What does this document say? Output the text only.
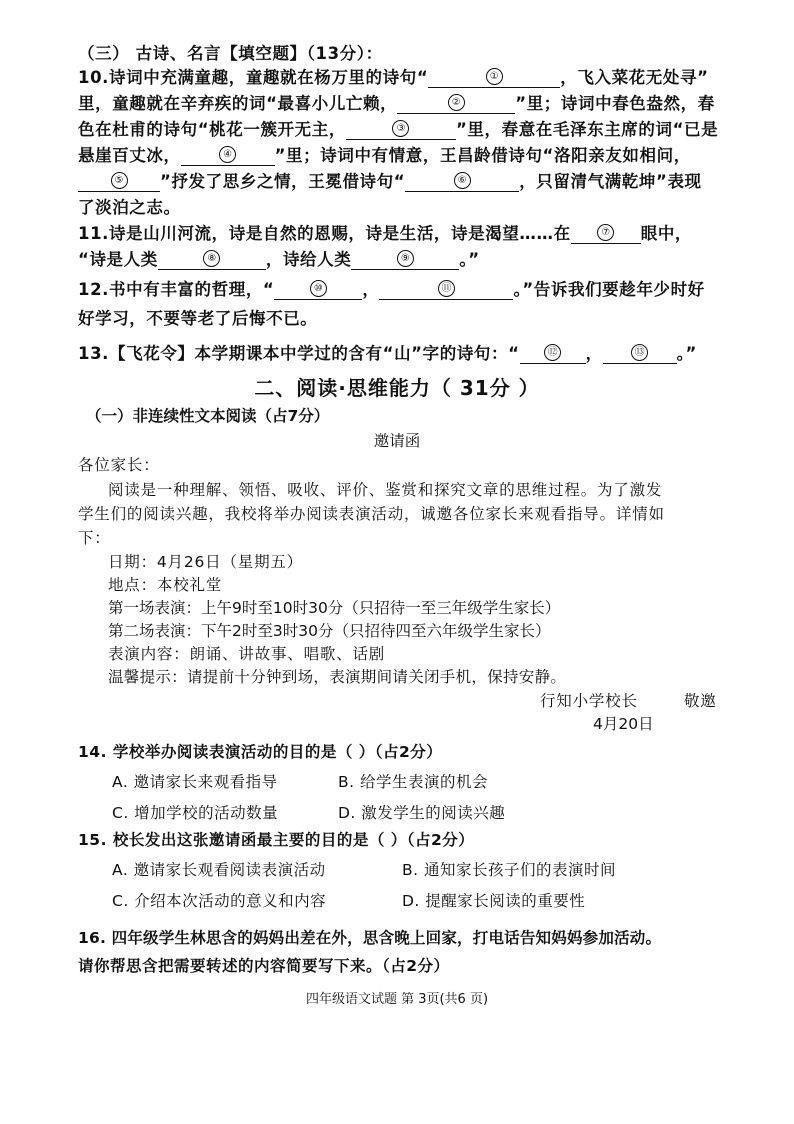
（三） 古诗、名言【填空题】（13分）：
10.诗词中充满童趣，童趣就在杨万里的诗句“	①	，飞入菜花无处寻”
里，童趣就在辛弃疾的词“最喜小儿亡赖，	②	”里；诗词中春色盎然，春
色在杜甫的诗句“桃花一簇开无主，	③	”里，春意在毛泽东主席的词“已是
悬崖百丈冰，	④	”里；诗词中有情意，王昌龄借诗句“洛阳亲友如相问，
⑤ ”抒发了思乡之情，王冕借诗句“	⑥	，只留清气满乾坤”表现
了淡泊之志。
11.诗是山川河流，诗是自然的恩赐，诗是生活，诗是渴望……在	⑦ 眼中，
“诗是人类	⑧	，诗给人类	⑨	。”
12.书中有丰富的哲理，“	⑩ ，	⑪	。”告诉我们要趁年少时好
好学习，不要等老了后悔不已。
13.【飞花令】本学期课本中学过的含有“山”字的诗句：“	⑫ ，	⑬ 。”
二、阅读·思维能力（ 31分 ）
（一）非连续性文本阅读（占7分）
邀请函
各位家长：
阅读是一种理解、领悟、吸收、评价、鉴赏和探究文章的思维过程。为了激发
学生们的阅读兴趣，我校将举办阅读表演活动，诚邀各位家长来观看指导。详情如
下：
日期：4月26日（星期五）
地点：本校礼堂
第一场表演：上午9时至10时30分（只招待一至三年级学生家长）
第二场表演：下午2时至3时30分（只招待四至六年级学生家长）
表演内容：朗诵、讲故事、唱歌、话剧
温馨提示：请提前十分钟到场，表演期间请关闭手机，保持安静。
行知小学校长	敬邀
4月20日
14. 学校举办阅读表演活动的目的是（ ）（占2分）
A. 邀请家长来观看指导	B. 给学生表演的机会
C. 增加学校的活动数量	D. 激发学生的阅读兴趣
15. 校长发出这张邀请函最主要的目的是（ ）（占2分）
A. 邀请家长观看阅读表演活动	B. 通知家长孩子们的表演时间
C. 介绍本次活动的意义和内容	D. 提醒家长阅读的重要性
16. 四年级学生林思含的妈妈出差在外，思含晚上回家，打电话告知妈妈参加活动。
请你帮思含把需要转述的内容简要写下来。（占2分）
四年级语文试题 第 3页(共6 页)
